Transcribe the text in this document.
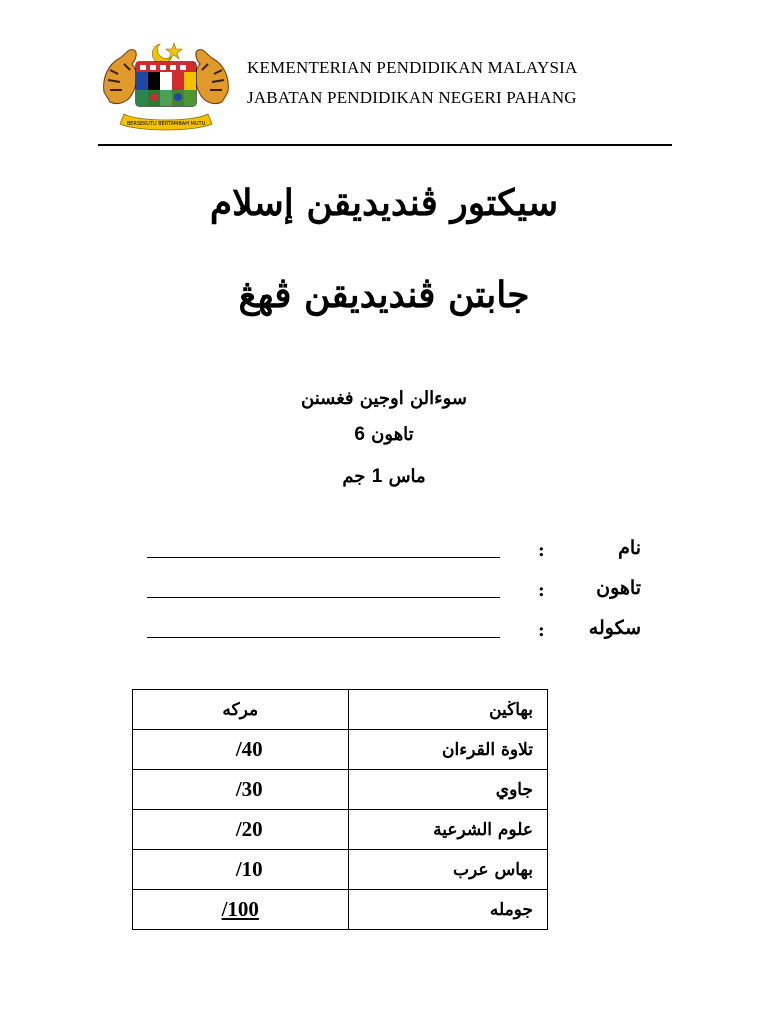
BERSEKUTU BERTAMBAH MUTU
KEMENTERIAN PENDIDIKAN MALAYSIA
JABATAN PENDIDIKAN NEGERI PAHANG
سيكتور ڤنديديقن إسلام
جابتن ڤنديديقن ڤهڠ
سوءالن اوجين فغسنن
تاهون 6
ماس 1 جم
نام
:
تاهون
:
سكوله
:
مركه	بهاڬين
/40	تلاوة القرءان
/30	جاوي
/20	علوم الشرعية
/10	بهاس عرب
/100	جومله
